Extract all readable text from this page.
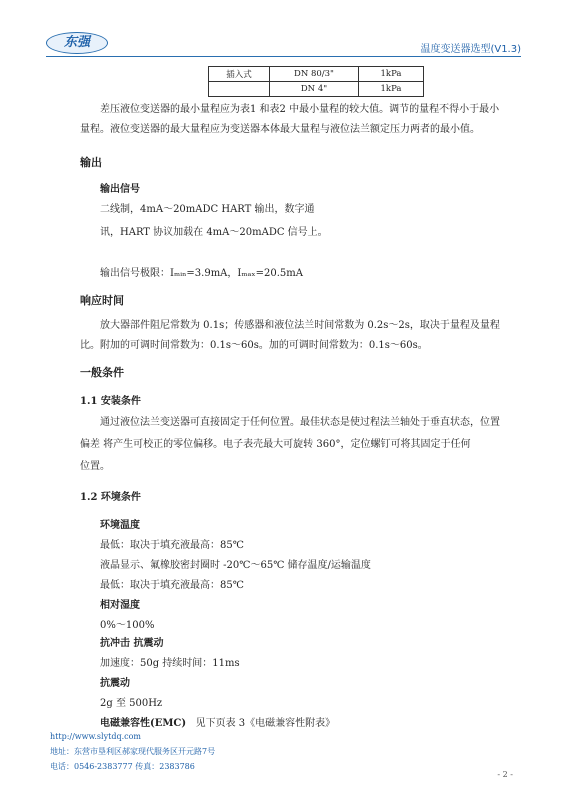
东强	温度变送器选型(V1.3)
插入式	DN 80/3"	1kPa
	DN 4"	1kPa
差压液位变送器的最小量程应为表1 和表2 中最小量程的较大值。调节的量程不得小于最小
量程。液位变送器的最大量程应为变送器本体最大量程与液位法兰额定压力两者的最小值。
输出
输出信号
二线制，4mA～20mADC HART 输出，数字通
讯，HART 协议加载在 4mA～20mADC 信号上。
输出信号极限：Iₘᵢₙ=3.9mA，Iₘₐₓ=20.5mA
响应时间
放大器部件阻尼常数为 0.1s；传感器和液位法兰时间常数为 0.2s～2s，取决于量程及量程
比。附加的可调时间常数为：0.1s～60s。加的可调时间常数为：0.1s～60s。
一般条件
1.1 安装条件
通过液位法兰变送器可直接固定于任何位置。最佳状态是使过程法兰轴处于垂直状态，位置
偏差 将产生可校正的零位偏移。电子表壳最大可旋转 360°，定位螺钉可将其固定于任何
位置。
1.2 环境条件
环境温度
最低：取决于填充液最高：85℃
液晶显示、氟橡胶密封圈时 -20℃～65℃ 储存温度/运输温度
最低：取决于填充液最高：85℃
相对湿度
0%～100%
抗冲击 抗震动
加速度：50g 持续时间：11ms
抗震动
2g 至 500Hz
电磁兼容性(EMC) 见下页表 3《电磁兼容性附表》
http://www.slytdq.com
地址：东营市垦利区郝家现代服务区开元路7号
电话：0546-2383777 传真：2383786
- 2 -
